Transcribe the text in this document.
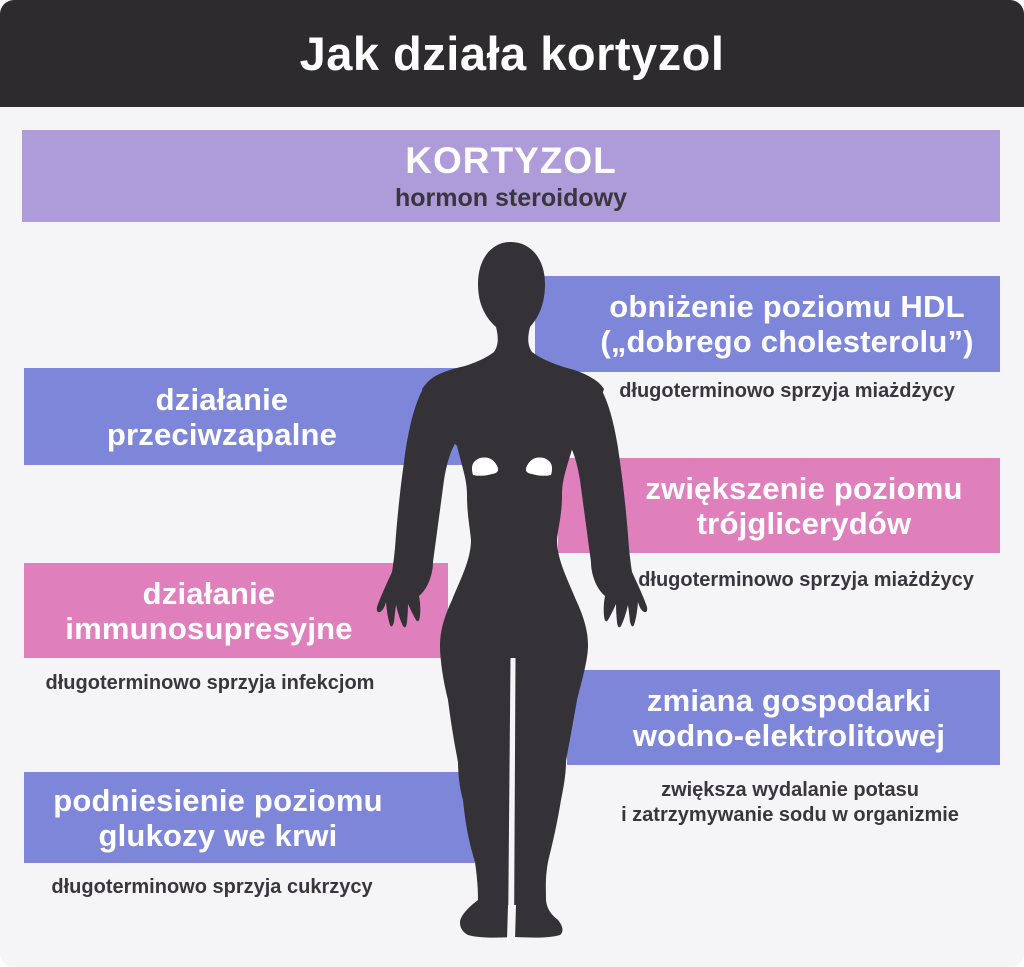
Jak działa kortyzol
KORTYZOL
hormon steroidowy
obniżenie poziomu HDL
(„dobrego cholesterolu”)
długoterminowo sprzyja miażdżycy
działanie
przeciwzapalne
zwiększenie poziomu
trójglicerydów
długoterminowo sprzyja miażdżycy
działanie
immunosupresyjne
długoterminowo sprzyja infekcjom	zmiana gospodarki
wodno-elektrolitowej
zwiększa wydalanie potasu
i zatrzymywanie sodu w organizmie
podniesienie poziomu
glukozy we krwi
długoterminowo sprzyja cukrzycy
